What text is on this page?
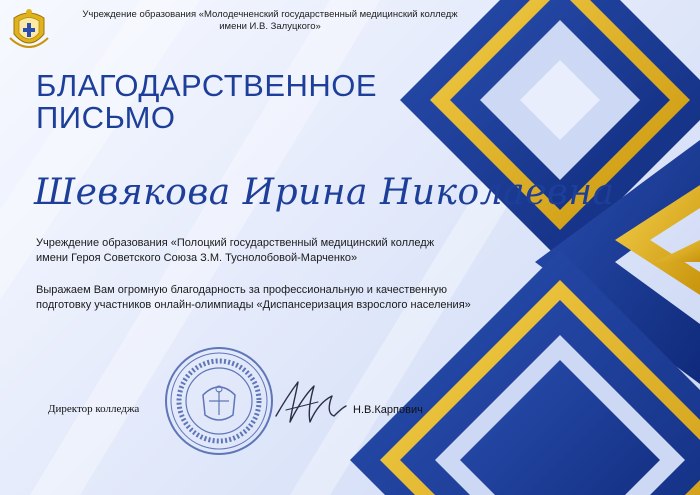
Учреждение образования «Молодечненский государственный медицинский колледж
имени И.В. Залуцкого»
БЛАГОДАРСТВЕННОЕ
ПИСЬМО
Шевякова Ирина Николаевна
Учреждение образования «Полоцкий государственный медицинский колледж
имени Героя Советского Союза З.М. Туснолобовой-Марченко»
Выражаем Вам огромную благодарность за профессиональную и качественную
подготовку участников онлайн-олимпиады «Диспансеризация взрослого населения»
Директор колледжа	Н.В.Карпович
